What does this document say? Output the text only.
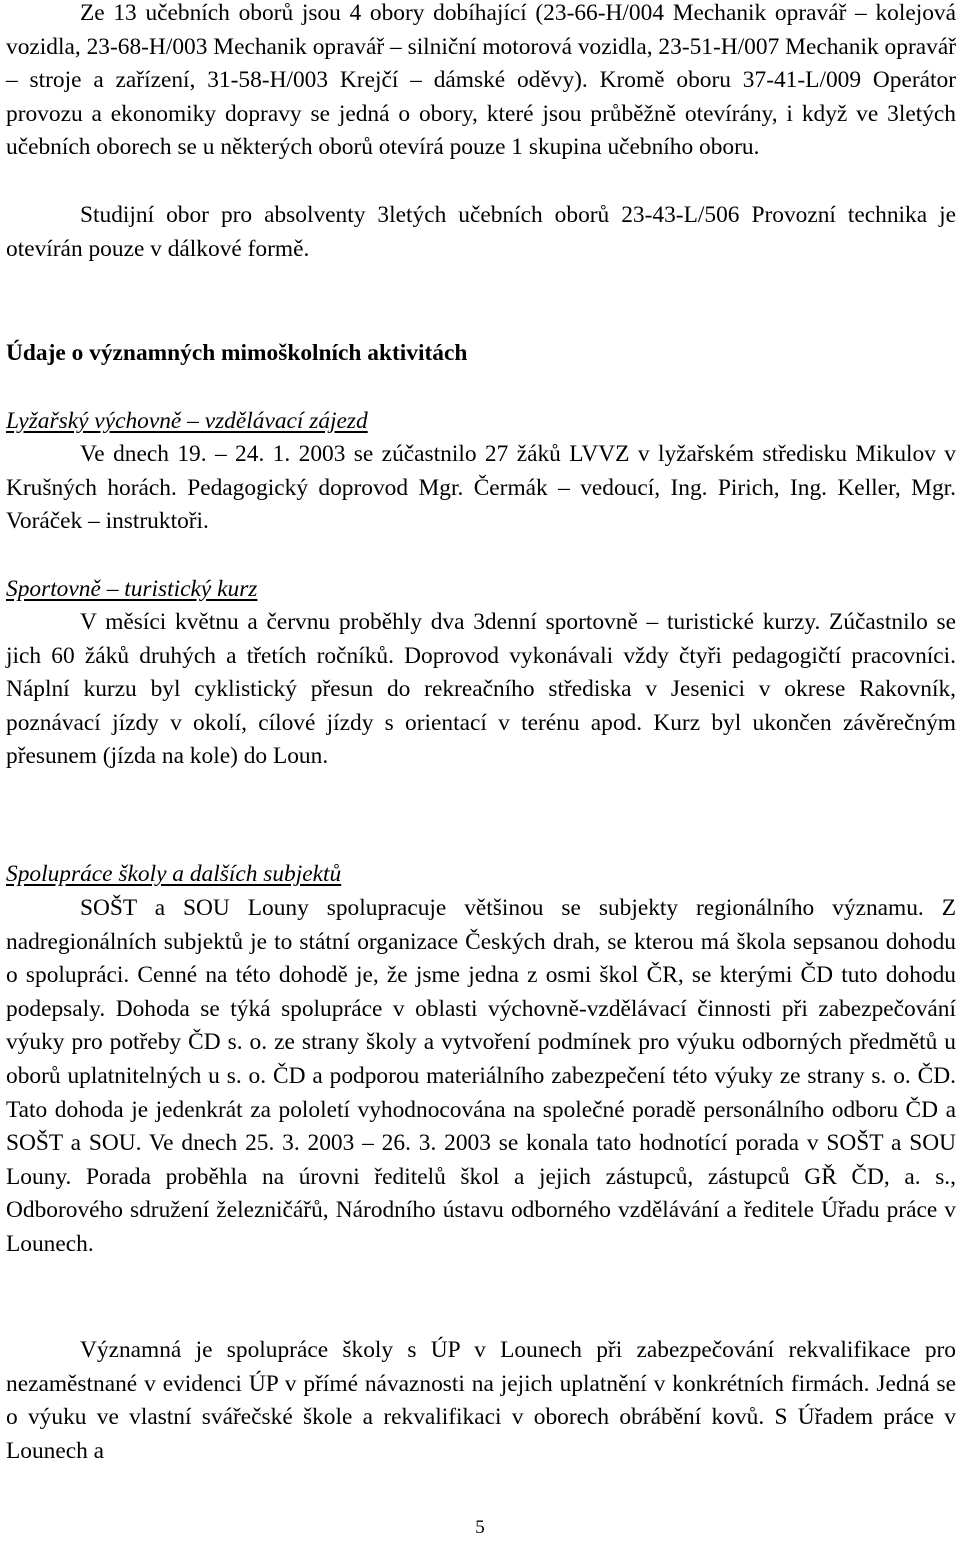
Ze 13 učebních oborů jsou 4 obory dobíhající (23-66-H/004 Mechanik opravář – kolejová vozidla, 23-68-H/003 Mechanik opravář – silniční motorová vozidla, 23-51-H/007 Mechanik opravář – stroje a zařízení, 31-58-H/003 Krejčí – dámské oděvy). Kromě oboru 37-41-L/009 Operátor provozu a ekonomiky dopravy se jedná o obory, které jsou průběžně otevírány, i když ve 3letých učebních oborech se u některých oborů otevírá pouze 1 skupina učebního oboru.

Studijní obor pro absolventy 3letých učebních oborů 23-43-L/506 Provozní technika je otevírán pouze v dálkové formě.

Údaje o významných mimoškolních aktivitách

Lyžařský výchovně – vzdělávací zájezd

Ve dnech 19. – 24. 1. 2003 se zúčastnilo 27 žáků LVVZ v lyžařském středisku Mikulov v Krušných horách. Pedagogický doprovod Mgr. Čermák – vedoucí, Ing. Pirich, Ing. Keller, Mgr. Voráček – instruktoři.

Sportovně – turistický kurz

V měsíci květnu a červnu proběhly dva 3denní sportovně – turistické kurzy. Zúčastnilo se jich 60 žáků druhých a třetích ročníků. Doprovod vykonávali vždy čtyři pedagogičtí pracovníci. Náplní kurzu byl cyklistický přesun do rekreačního střediska v Jesenici v okrese Rakovník, poznávací jízdy v okolí, cílové jízdy s orientací v terénu apod. Kurz byl ukončen závěrečným přesunem (jízda na kole) do Loun.

Spolupráce školy a dalších subjektů

SOŠT a SOU Louny spolupracuje většinou se subjekty regionálního významu. Z nadregionálních subjektů je to státní organizace Českých drah, se kterou má škola sepsanou dohodu o spolupráci. Cenné na této dohodě je, že jsme jedna z osmi škol ČR, se kterými ČD tuto dohodu podepsaly. Dohoda se týká spolupráce v oblasti výchovně-vzdělávací činnosti při zabezpečování výuky pro potřeby ČD s. o. ze strany školy a vytvoření podmínek pro výuku odborných předmětů u oborů uplatnitelných u s. o. ČD a podporou materiálního zabezpečení této výuky ze strany s. o. ČD. Tato dohoda je jedenkrát za pololetí vyhodnocována na společné poradě personálního odboru ČD a SOŠT a SOU. Ve dnech 25. 3. 2003 – 26. 3. 2003 se konala tato hodnotící porada v SOŠT a SOU Louny. Porada proběhla na úrovni ředitelů škol a jejich zástupců, zástupců GŘ ČD, a. s., Odborového sdružení železničářů, Národního ústavu odborného vzdělávání a ředitele Úřadu práce v Lounech.

Významná je spolupráce školy s ÚP v Lounech při zabezpečování rekvalifikace pro nezaměstnané v evidenci ÚP v přímé návaznosti na jejich uplatnění v konkrétních firmách. Jedná se o výuku ve vlastní svářečské škole a rekvalifikaci v oborech obrábění kovů. S Úřadem práce v Lounech a

5
